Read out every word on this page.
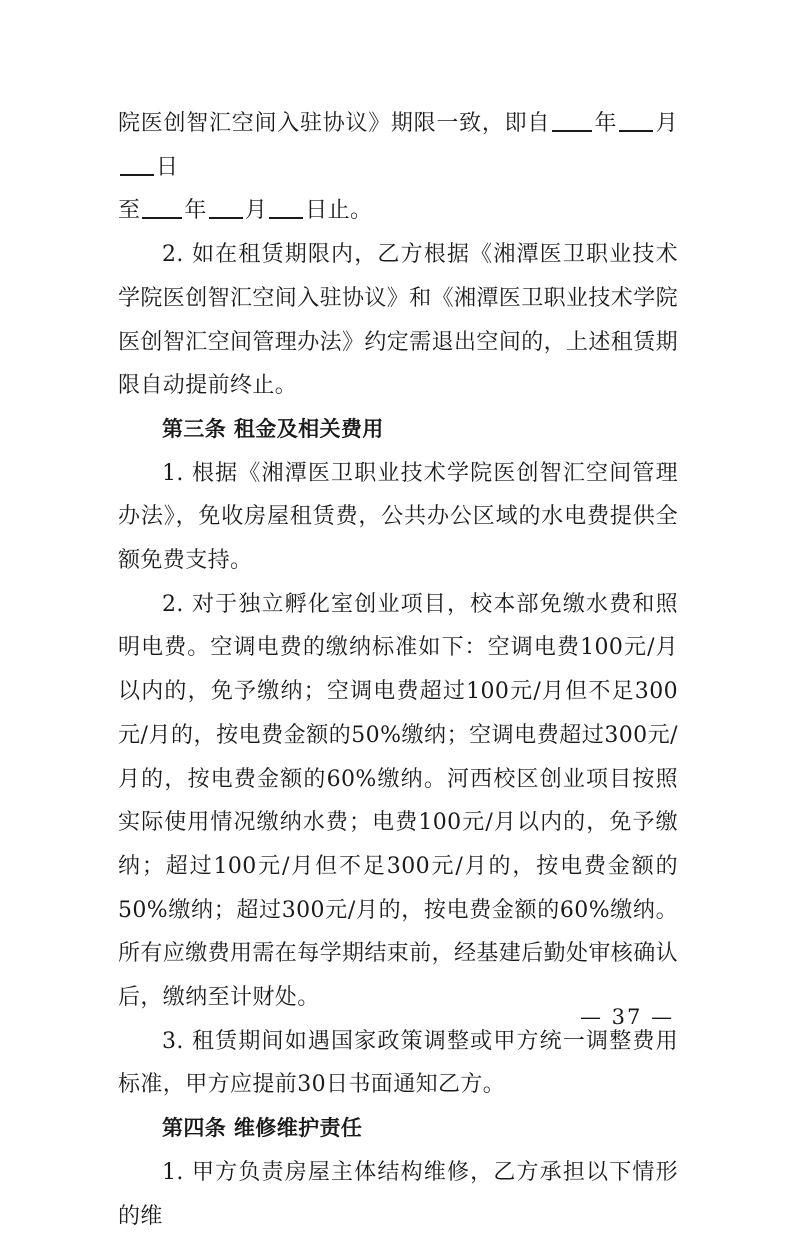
院医创智汇空间入驻协议》期限一致，即自 年 月日
至 年 月 日止。

2. 如在租赁期限内，乙方根据《湘潭医卫职业技术学院医创智汇空间入驻协议》和《湘潭医卫职业技术学院医创智汇空间管理办法》约定需退出空间的，上述租赁期限自动提前终止。

第三条 租金及相关费用

1. 根据《湘潭医卫职业技术学院医创智汇空间管理办法》，免收房屋租赁费，公共办公区域的水电费提供全额免费支持。

2. 对于独立孵化室创业项目，校本部免缴水费和照明电费。空调电费的缴纳标准如下：空调电费100元/月以内的，免予缴纳；空调电费超过100元/月但不足300元/月的，按电费金额的50%缴纳；空调电费超过300元/月的，按电费金额的60%缴纳。河西校区创业项目按照实际使用情况缴纳水费；电费100元/月以内的，免予缴纳；超过100元/月但不足300元/月的，按电费金额的50%缴纳；超过300元/月的，按电费金额的60%缴纳。所有应缴费用需在每学期结束前，经基建后勤处审核确认后，缴纳至计财处。

3. 租赁期间如遇国家政策调整或甲方统一调整费用标准，甲方应提前30日书面通知乙方。

第四条 维修维护责任

1. 甲方负责房屋主体结构维修，乙方承担以下情形的维

— 37 —
